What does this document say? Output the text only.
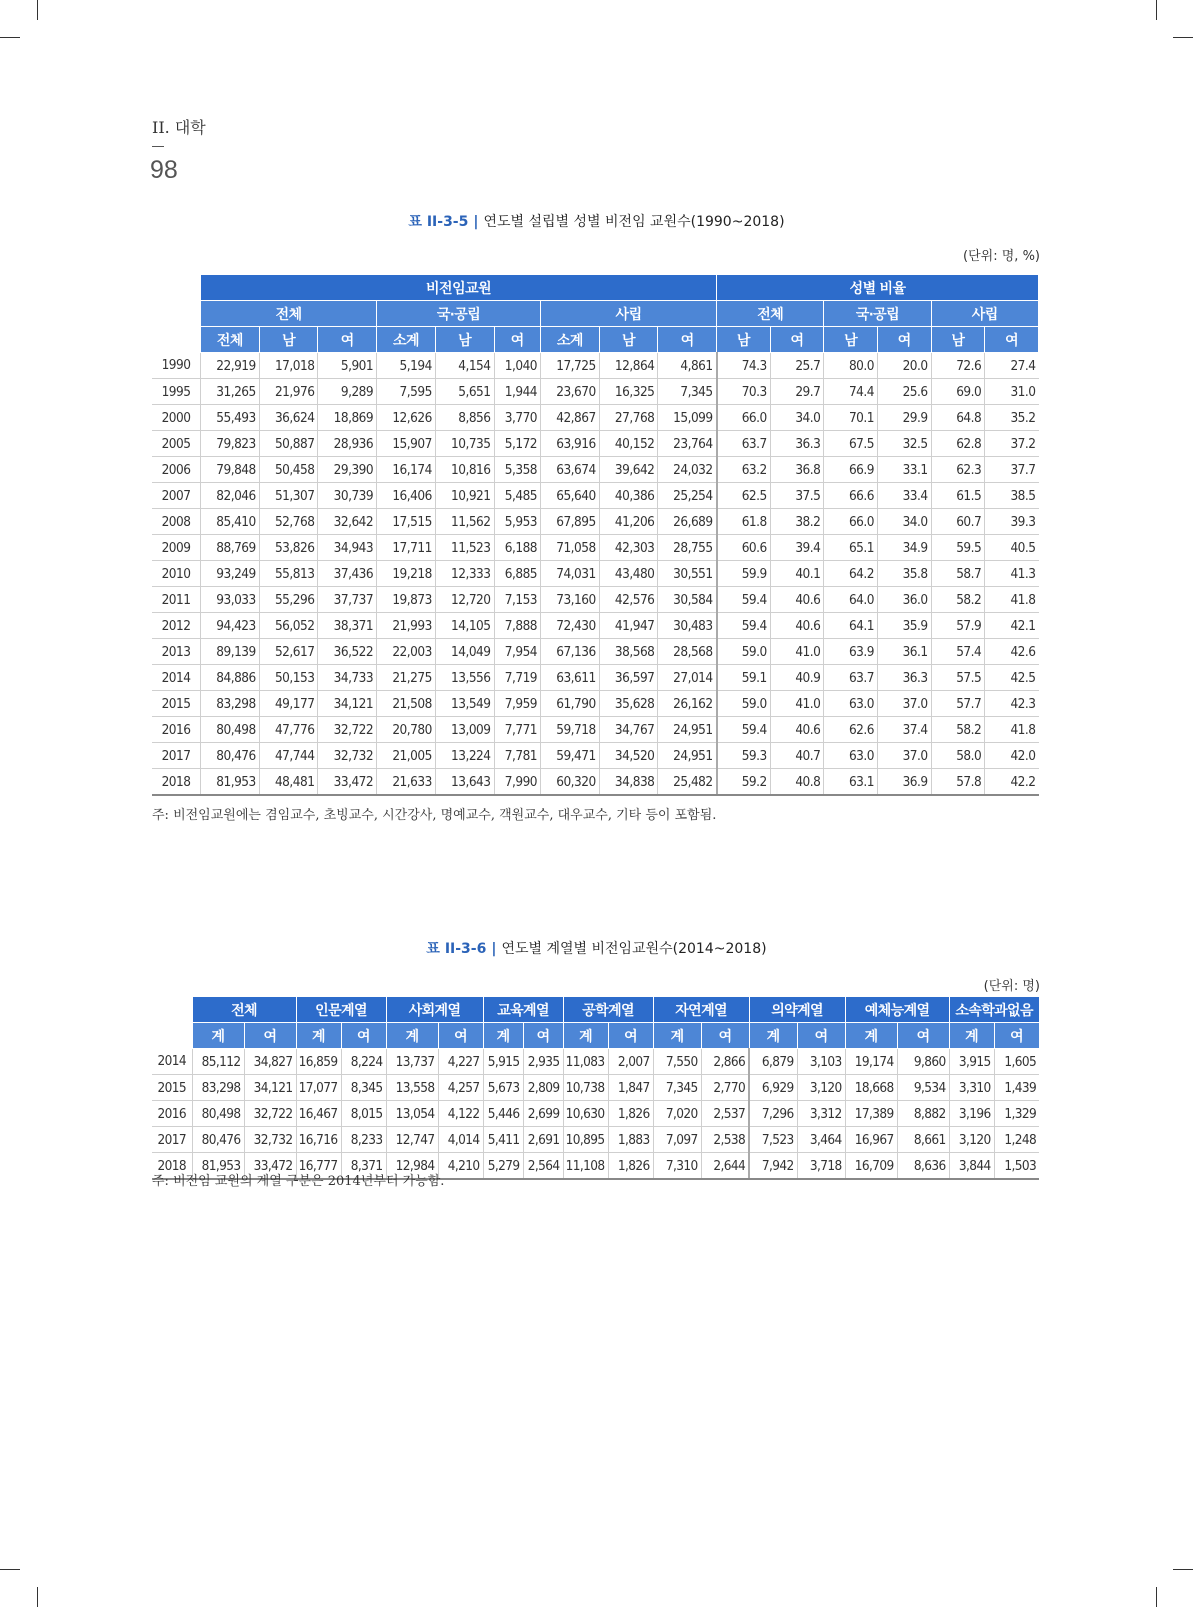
II. 대학
98
표 II-3-5 | 연도별 설립별 성별 비전임 교원수(1990~2018)
(단위: 명, %)
	비전임교원									성별 비율					
	전체			국·공립			사립			전체		국·공립		사립	
	전체	남	여	소계	남	여	소계	남	여	남	여	남	여	남	여
1990	22,919	17,018	5,901	5,194	4,154	1,040	17,725	12,864	4,861	74.3	25.7	80.0	20.0	72.6	27.4
1995	31,265	21,976	9,289	7,595	5,651	1,944	23,670	16,325	7,345	70.3	29.7	74.4	25.6	69.0	31.0
2000	55,493	36,624	18,869	12,626	8,856	3,770	42,867	27,768	15,099	66.0	34.0	70.1	29.9	64.8	35.2
2005	79,823	50,887	28,936	15,907	10,735	5,172	63,916	40,152	23,764	63.7	36.3	67.5	32.5	62.8	37.2
2006	79,848	50,458	29,390	16,174	10,816	5,358	63,674	39,642	24,032	63.2	36.8	66.9	33.1	62.3	37.7
2007	82,046	51,307	30,739	16,406	10,921	5,485	65,640	40,386	25,254	62.5	37.5	66.6	33.4	61.5	38.5
2008	85,410	52,768	32,642	17,515	11,562	5,953	67,895	41,206	26,689	61.8	38.2	66.0	34.0	60.7	39.3
2009	88,769	53,826	34,943	17,711	11,523	6,188	71,058	42,303	28,755	60.6	39.4	65.1	34.9	59.5	40.5
2010	93,249	55,813	37,436	19,218	12,333	6,885	74,031	43,480	30,551	59.9	40.1	64.2	35.8	58.7	41.3
2011	93,033	55,296	37,737	19,873	12,720	7,153	73,160	42,576	30,584	59.4	40.6	64.0	36.0	58.2	41.8
2012	94,423	56,052	38,371	21,993	14,105	7,888	72,430	41,947	30,483	59.4	40.6	64.1	35.9	57.9	42.1
2013	89,139	52,617	36,522	22,003	14,049	7,954	67,136	38,568	28,568	59.0	41.0	63.9	36.1	57.4	42.6
2014	84,886	50,153	34,733	21,275	13,556	7,719	63,611	36,597	27,014	59.1	40.9	63.7	36.3	57.5	42.5
2015	83,298	49,177	34,121	21,508	13,549	7,959	61,790	35,628	26,162	59.0	41.0	63.0	37.0	57.7	42.3
2016	80,498	47,776	32,722	20,780	13,009	7,771	59,718	34,767	24,951	59.4	40.6	62.6	37.4	58.2	41.8
2017	80,476	47,744	32,732	21,005	13,224	7,781	59,471	34,520	24,951	59.3	40.7	63.0	37.0	58.0	42.0
2018	81,953	48,481	33,472	21,633	13,643	7,990	60,320	34,838	25,482	59.2	40.8	63.1	36.9	57.8	42.2
주: 비전임교원에는 겸임교수, 초빙교수, 시간강사, 명예교수, 객원교수, 대우교수, 기타 등이 포함됨.
표 II-3-6 | 연도별 계열별 비전임교원수(2014~2018)
(단위: 명)
	전체		인문계열		사회계열		교육계열		공학계열		자연계열		의약계열		예체능계열		소속학과없음	
	계	여	계	여	계	여	계	여	계	여	계	여	계	여	계	여	계	여
2014	85,112	34,827	16,859	8,224	13,737	4,227	5,915	2,935	11,083	2,007	7,550	2,866	6,879	3,103	19,174	9,860	3,915	1,605
2015	83,298	34,121	17,077	8,345	13,558	4,257	5,673	2,809	10,738	1,847	7,345	2,770	6,929	3,120	18,668	9,534	3,310	1,439
2016	80,498	32,722	16,467	8,015	13,054	4,122	5,446	2,699	10,630	1,826	7,020	2,537	7,296	3,312	17,389	8,882	3,196	1,329
2017	80,476	32,732	16,716	8,233	12,747	4,014	5,411	2,691	10,895	1,883	7,097	2,538	7,523	3,464	16,967	8,661	3,120	1,248
2018	81,953	33,472	16,777	8,371	12,984	4,210	5,279	2,564	11,108	1,826	7,310	2,644	7,942	3,718	16,709	8,636	3,844	1,503
주: 비전임 교원의 계열 구분은 2014년부터 가능함.
